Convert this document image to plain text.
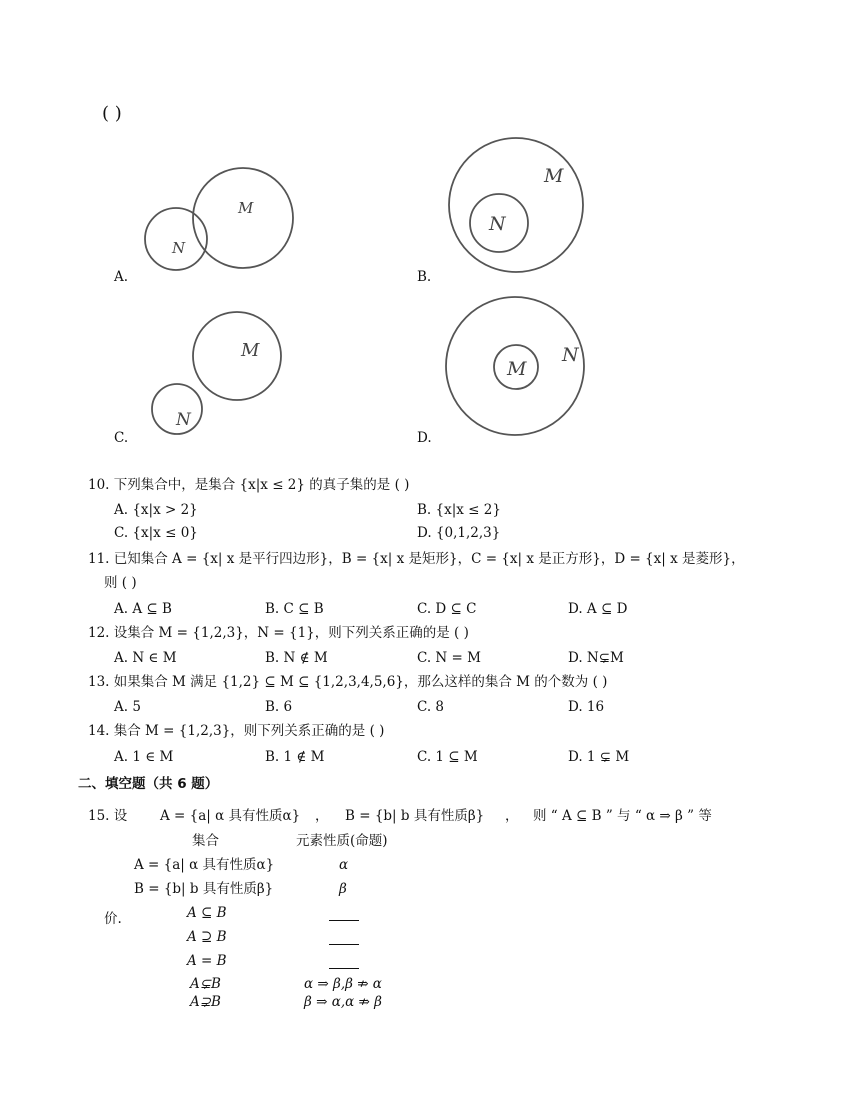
( )
N
M
A.
M
N
B.
M
N
C.
M
N
D.
10. 下列集合中，是集合 {x|x ≤ 2} 的真子集的是 ( )
A. {x|x > 2}	B. {x|x ≤ 2}
C. {x|x ≤ 0}	D. {0,1,2,3}
11. 已知集合 A = {x| x 是平行四边形}，B = {x| x 是矩形}，C = {x| x 是正方形}，D = {x| x 是菱形}，
则 ( )
A. A ⊆ B	B. C ⊆ B	C. D ⊆ C	D. A ⊆ D
12. 设集合 M = {1,2,3}，N = {1}，则下列关系正确的是 ( )
A. N ∈ M	B. N ∉ M	C. N = M	D. N⊊M
13. 如果集合 M 满足 {1,2} ⊆ M ⊆ {1,2,3,4,5,6}，那么这样的集合 M 的个数为 ( )
A. 5	B. 6	C. 8	D. 16
14. 集合 M = {1,2,3}，则下列关系正确的是 ( )
A. 1 ∈ M	B. 1 ∉ M	C. 1 ⊆ M	D. 1 ⊊ M
二、填空题（共 6 题）
15. 设 A = {a| α 具有性质α} ， B = {b| b 具有性质β} ， 则 “ A ⊆ B ” 与 “ α ⇒ β ” 等
集合	元素性质(命题)
A = {a| α 具有性质α}	α
B = {b| b 具有性质β}	β
价.	A ⊆ B
A ⊇ B
A = B
A⊊B	α ⇒ β,β ⇏ α
A⊋B	β ⇒ α,α ⇏ β
